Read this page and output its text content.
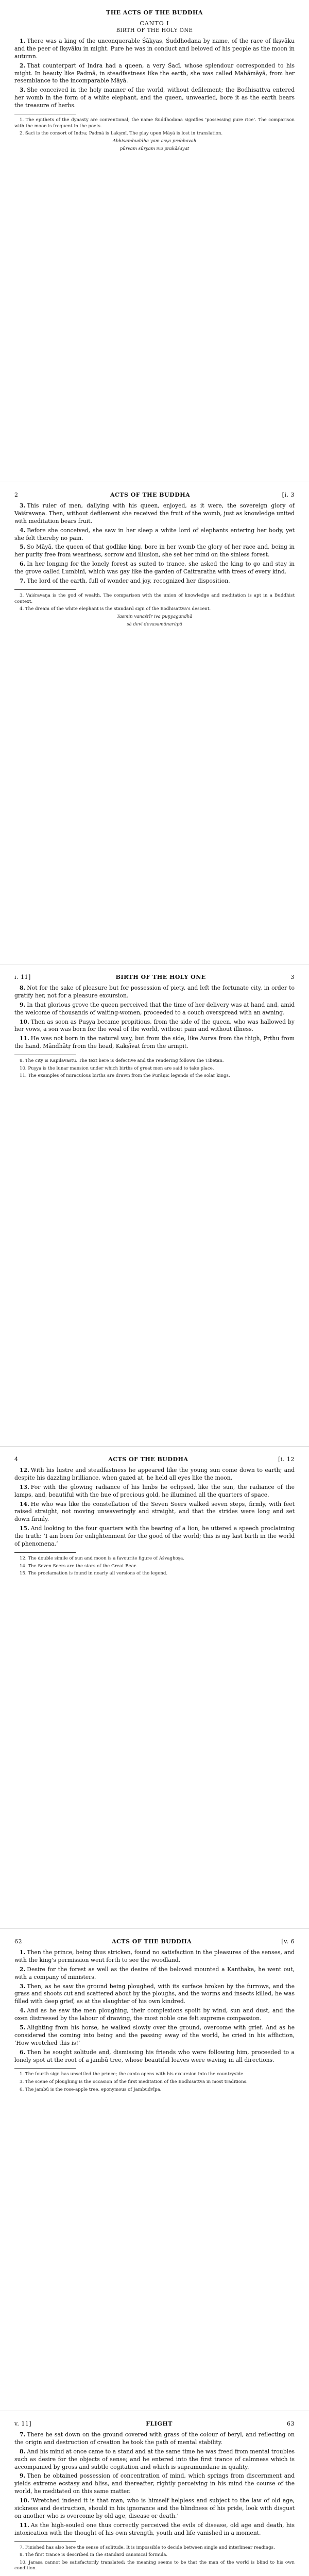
THE ACTS OF THE BUDDHA
CANTO I
BIRTH OF THE HOLY ONE

1. There was a king of the unconquerable Śākyas, Śuddhodana by name, of the race of Ikṣvāku and the peer of Ikṣvāku in might. Pure he was in conduct and beloved of his people as the moon in autumn.

2. That counterpart of Indra had a queen, a very Śacī, whose splendour corresponded to his might. In beauty like Padmā, in steadfastness like the earth, she was called Mahāmāyā, from her resemblance to the incomparable Māyā.

3. She conceived in the holy manner of the world, without defilement; the Bodhisattva entered her womb in the form of a white elephant, and the queen, unwearied, bore it as the earth bears the treasure of herbs.

1. The epithets of the dynasty are conventional; the name Śuddhodana signifies ‘possessing pure rice’. The comparison with the moon is frequent in the poets.

2. Śacī is the consort of Indra; Padmā is Lakṣmī. The play upon Māyā is lost in translation.

Abhisambuddha yam asya prabhavah
pūrvam sūryam iva prakāśayat
2	ACTS OF THE BUDDHA	[i. 3

3. This ruler of men, dallying with his queen, enjoyed, as it were, the sovereign glory of Vaiśravaṇa. Then, without defilement she received the fruit of the womb, just as knowledge united with meditation bears fruit.

4. Before she conceived, she saw in her sleep a white lord of elephants entering her body, yet she felt thereby no pain.

5. So Māyā, the queen of that godlike king, bore in her womb the glory of her race and, being in her purity free from weariness, sorrow and illusion, she set her mind on the sinless forest.

6. In her longing for the lonely forest as suited to trance, she asked the king to go and stay in the grove called Lumbinī, which was gay like the garden of Caitraratha with trees of every kind.

7. The lord of the earth, full of wonder and joy, recognized her disposition.

3. Vaiśravaṇa is the god of wealth. The comparison with the union of knowledge and meditation is apt in a Buddhist context.

4. The dream of the white elephant is the standard sign of the Bodhisattva's descent.

Tasmin vanaśrīr iva puṇyagandhā
sā devī devasamānarūpā
i. 11]	BIRTH OF THE HOLY ONE	3

8. Not for the sake of pleasure but for possession of piety, and left the fortunate city, in order to gratify her, not for a pleasure excursion.

9. In that glorious grove the queen perceived that the time of her delivery was at hand and, amid the welcome of thousands of waiting-women, proceeded to a couch overspread with an awning.

10. Then as soon as Puṣya became propitious, from the side of the queen, who was hallowed by her vows, a son was born for the weal of the world, without pain and without illness.

11. He was not born in the natural way, but from the side, like Aurva from the thigh, Pṛthu from the hand, Māndhātṛ from the head, Kakṣīvat from the armpit.

8. The city is Kapilavastu. The text here is defective and the rendering follows the Tibetan.

10. Puṣya is the lunar mansion under which births of great men are said to take place.

11. The examples of miraculous births are drawn from the Purāṇic legends of the solar kings.

4	ACTS OF THE BUDDHA	[i. 12

12. With his lustre and steadfastness he appeared like the young sun come down to earth; and despite his dazzling brilliance, when gazed at, he held all eyes like the moon.

13. For with the glowing radiance of his limbs he eclipsed, like the sun, the radiance of the lamps, and, beautiful with the hue of precious gold, he illumined all the quarters of space.

14. He who was like the constellation of the Seven Seers walked seven steps, firmly, with feet raised straight, not moving unwaveringly and straight, and that the strides were long and set down firmly.

15. And looking to the four quarters with the bearing of a lion, he uttered a speech proclaiming the truth: ‘I am born for enlightenment for the good of the world; this is my last birth in the world of phenomena.’

12. The double simile of sun and moon is a favourite figure of Aśvaghoṣa.

14. The Seven Seers are the stars of the Great Bear.

15. The proclamation is found in nearly all versions of the legend.

62	ACTS OF THE BUDDHA	[v. 6

1. Then the prince, being thus stricken, found no satisfaction in the pleasures of the senses, and with the king's permission went forth to see the woodland.

2. Desire for the forest as well as the desire of the beloved mounted a Kanthaka, he went out, with a company of ministers.

3. Then, as he saw the ground being ploughed, with its surface broken by the furrows, and the grass and shoots cut and scattered about by the ploughs, and the worms and insects killed, he was filled with deep grief, as at the slaughter of his own kindred.

4. And as he saw the men ploughing, their complexions spoilt by wind, sun and dust, and the oxen distressed by the labour of drawing, the most noble one felt supreme compassion.

5. Alighting from his horse, he walked slowly over the ground, overcome with grief. And as he considered the coming into being and the passing away of the world, he cried in his affliction, ‘How wretched this is!’

6. Then he sought solitude and, dismissing his friends who were following him, proceeded to a lonely spot at the root of a jambū tree, whose beautiful leaves were waving in all directions.

1. The fourth sign has unsettled the prince; the canto opens with his excursion into the countryside.

3. The scene of ploughing is the occasion of the first meditation of the Bodhisattva in most traditions.

6. The jambū is the rose-apple tree, eponymous of Jambudvīpa.

v. 11]	FLIGHT	63

7. There he sat down on the ground covered with grass of the colour of beryl, and reflecting on the origin and destruction of creation he took the path of mental stability.

8. And his mind at once came to a stand and at the same time he was freed from mental troubles such as desire for the objects of sense; and he entered into the first trance of calmness which is accompanied by gross and subtle cogitation and which is supramundane in quality.

9. Then he obtained possession of concentration of mind, which springs from discernment and yields extreme ecstasy and bliss, and thereafter, rightly perceiving in his mind the course of the world, he meditated on this same matter.

10. ‘Wretched indeed it is that man, who is himself helpless and subject to the law of old age, sickness and destruction, should in his ignorance and the blindness of his pride, look with disgust on another who is overcome by old age, disease or death.’

11. As the high-souled one thus correctly perceived the evils of disease, old age and death, his intoxication with the thought of his own strength, youth and life vanished in a moment.

7. Finished has also here the sense of solitude. It is impossible to decide between single and interlinear readings.

8. The first trance is described in the standard canonical formula.

10. Jarasa cannot be satisfactorily translated; the meaning seems to be that the man of the world is blind to his own condition.
